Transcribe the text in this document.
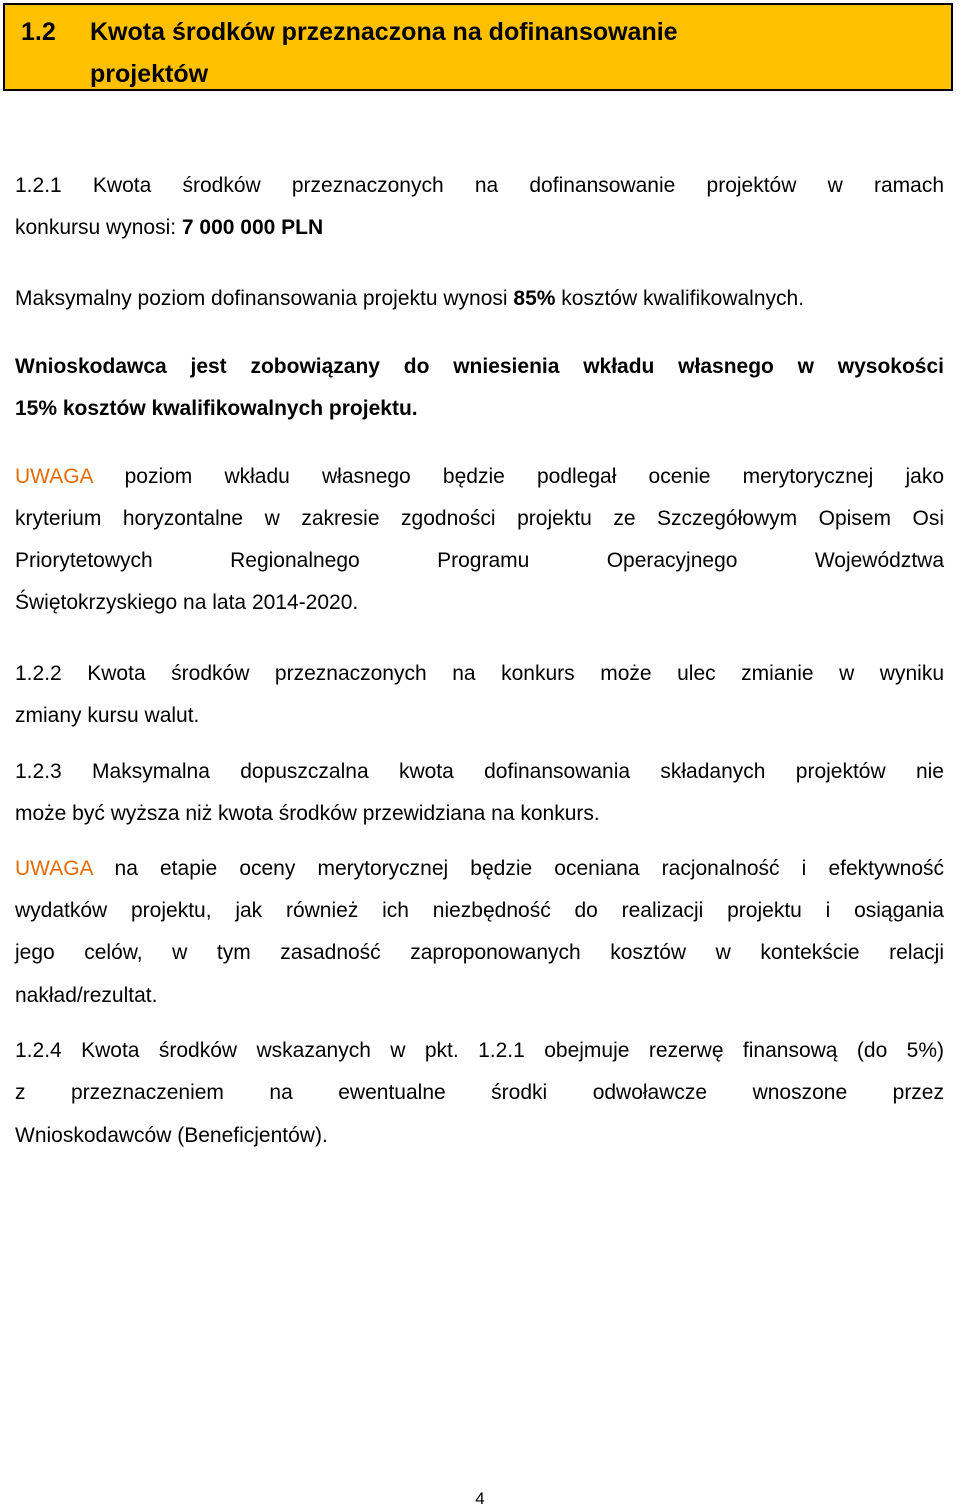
1.2 Kwota środków przeznaczona na dofinansowanie
projektów
1.2.1 Kwota środków przeznaczonych na dofinansowanie projektów w ramach
konkursu wynosi: 7 000 000 PLN
Maksymalny poziom dofinansowania projektu wynosi 85% kosztów kwalifikowalnych.
Wnioskodawca jest zobowiązany do wniesienia wkładu własnego w wysokości
15% kosztów kwalifikowalnych projektu.
UWAGA poziom wkładu własnego będzie podlegał ocenie merytorycznej jako
kryterium horyzontalne w zakresie zgodności projektu ze Szczegółowym Opisem Osi
Priorytetowych Regionalnego Programu Operacyjnego Województwa
Świętokrzyskiego na lata 2014-2020.
1.2.2 Kwota środków przeznaczonych na konkurs może ulec zmianie w wyniku
zmiany kursu walut.
1.2.3 Maksymalna dopuszczalna kwota dofinansowania składanych projektów nie
może być wyższa niż kwota środków przewidziana na konkurs.
UWAGA na etapie oceny merytorycznej będzie oceniana racjonalność i efektywność
wydatków projektu, jak również ich niezbędność do realizacji projektu i osiągania
jego celów, w tym zasadność zaproponowanych kosztów w kontekście relacji
nakład/rezultat.
1.2.4 Kwota środków wskazanych w pkt. 1.2.1 obejmuje rezerwę finansową (do 5%)
z przeznaczeniem na ewentualne środki odwoławcze wnoszone przez
Wnioskodawców (Beneficjentów).
4
